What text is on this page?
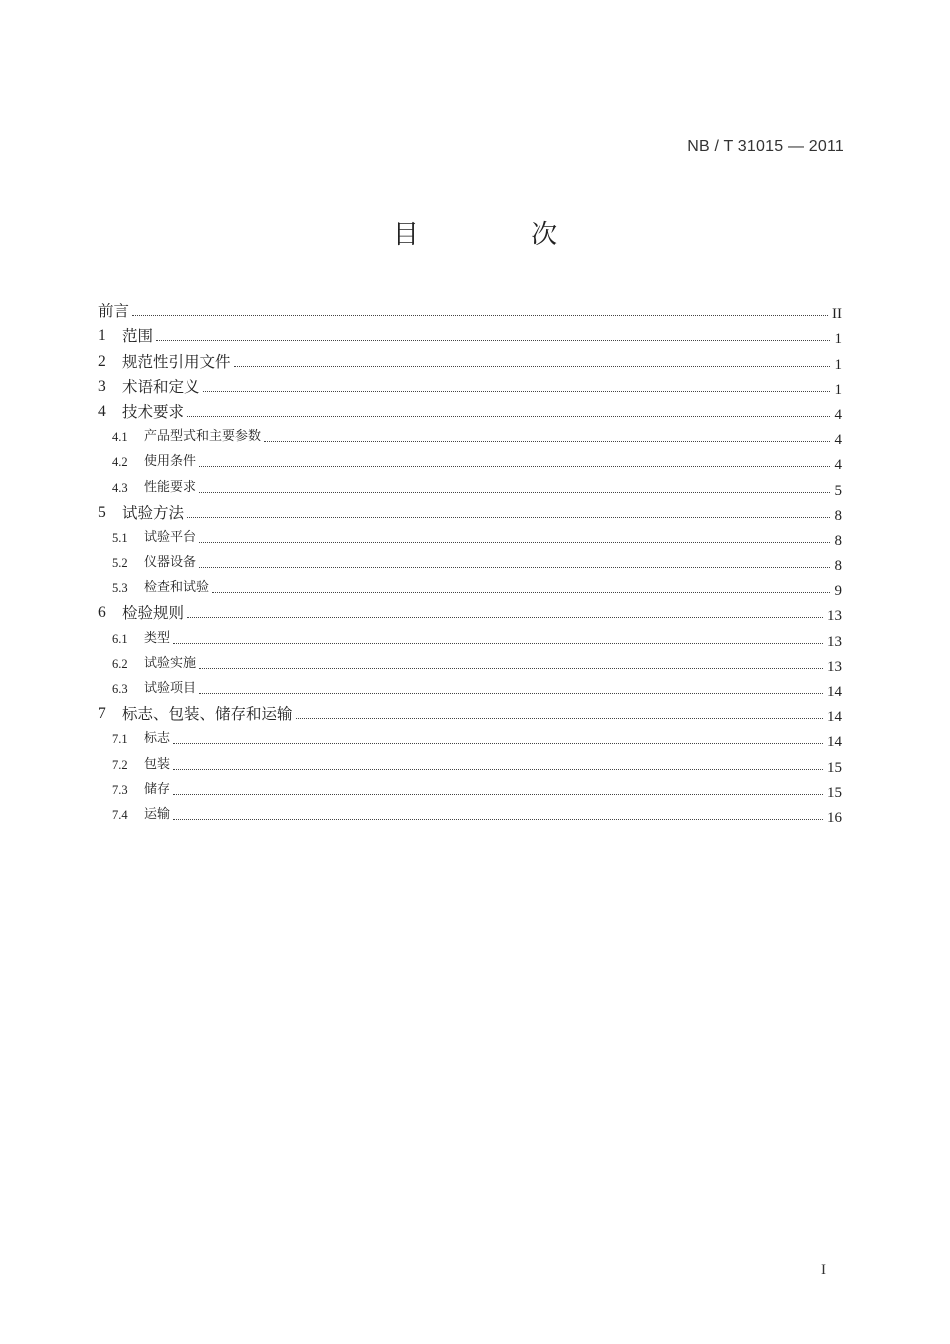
NB / T 31015 — 2011
目 次
前言	II
1	范围	1
2	规范性引用文件	1
3	术语和定义	1
4	技术要求	4
4.1	产品型式和主要参数	4
4.2	使用条件	4
4.3	性能要求	5
5	试验方法	8
5.1	试验平台	8
5.2	仪器设备	8
5.3	检查和试验	9
6	检验规则	13
6.1	类型	13
6.2	试验实施	13
6.3	试验项目	14
7	标志、包装、储存和运输	14
7.1	标志	14
7.2	包装	15
7.3	储存	15
7.4	运输	16
I
